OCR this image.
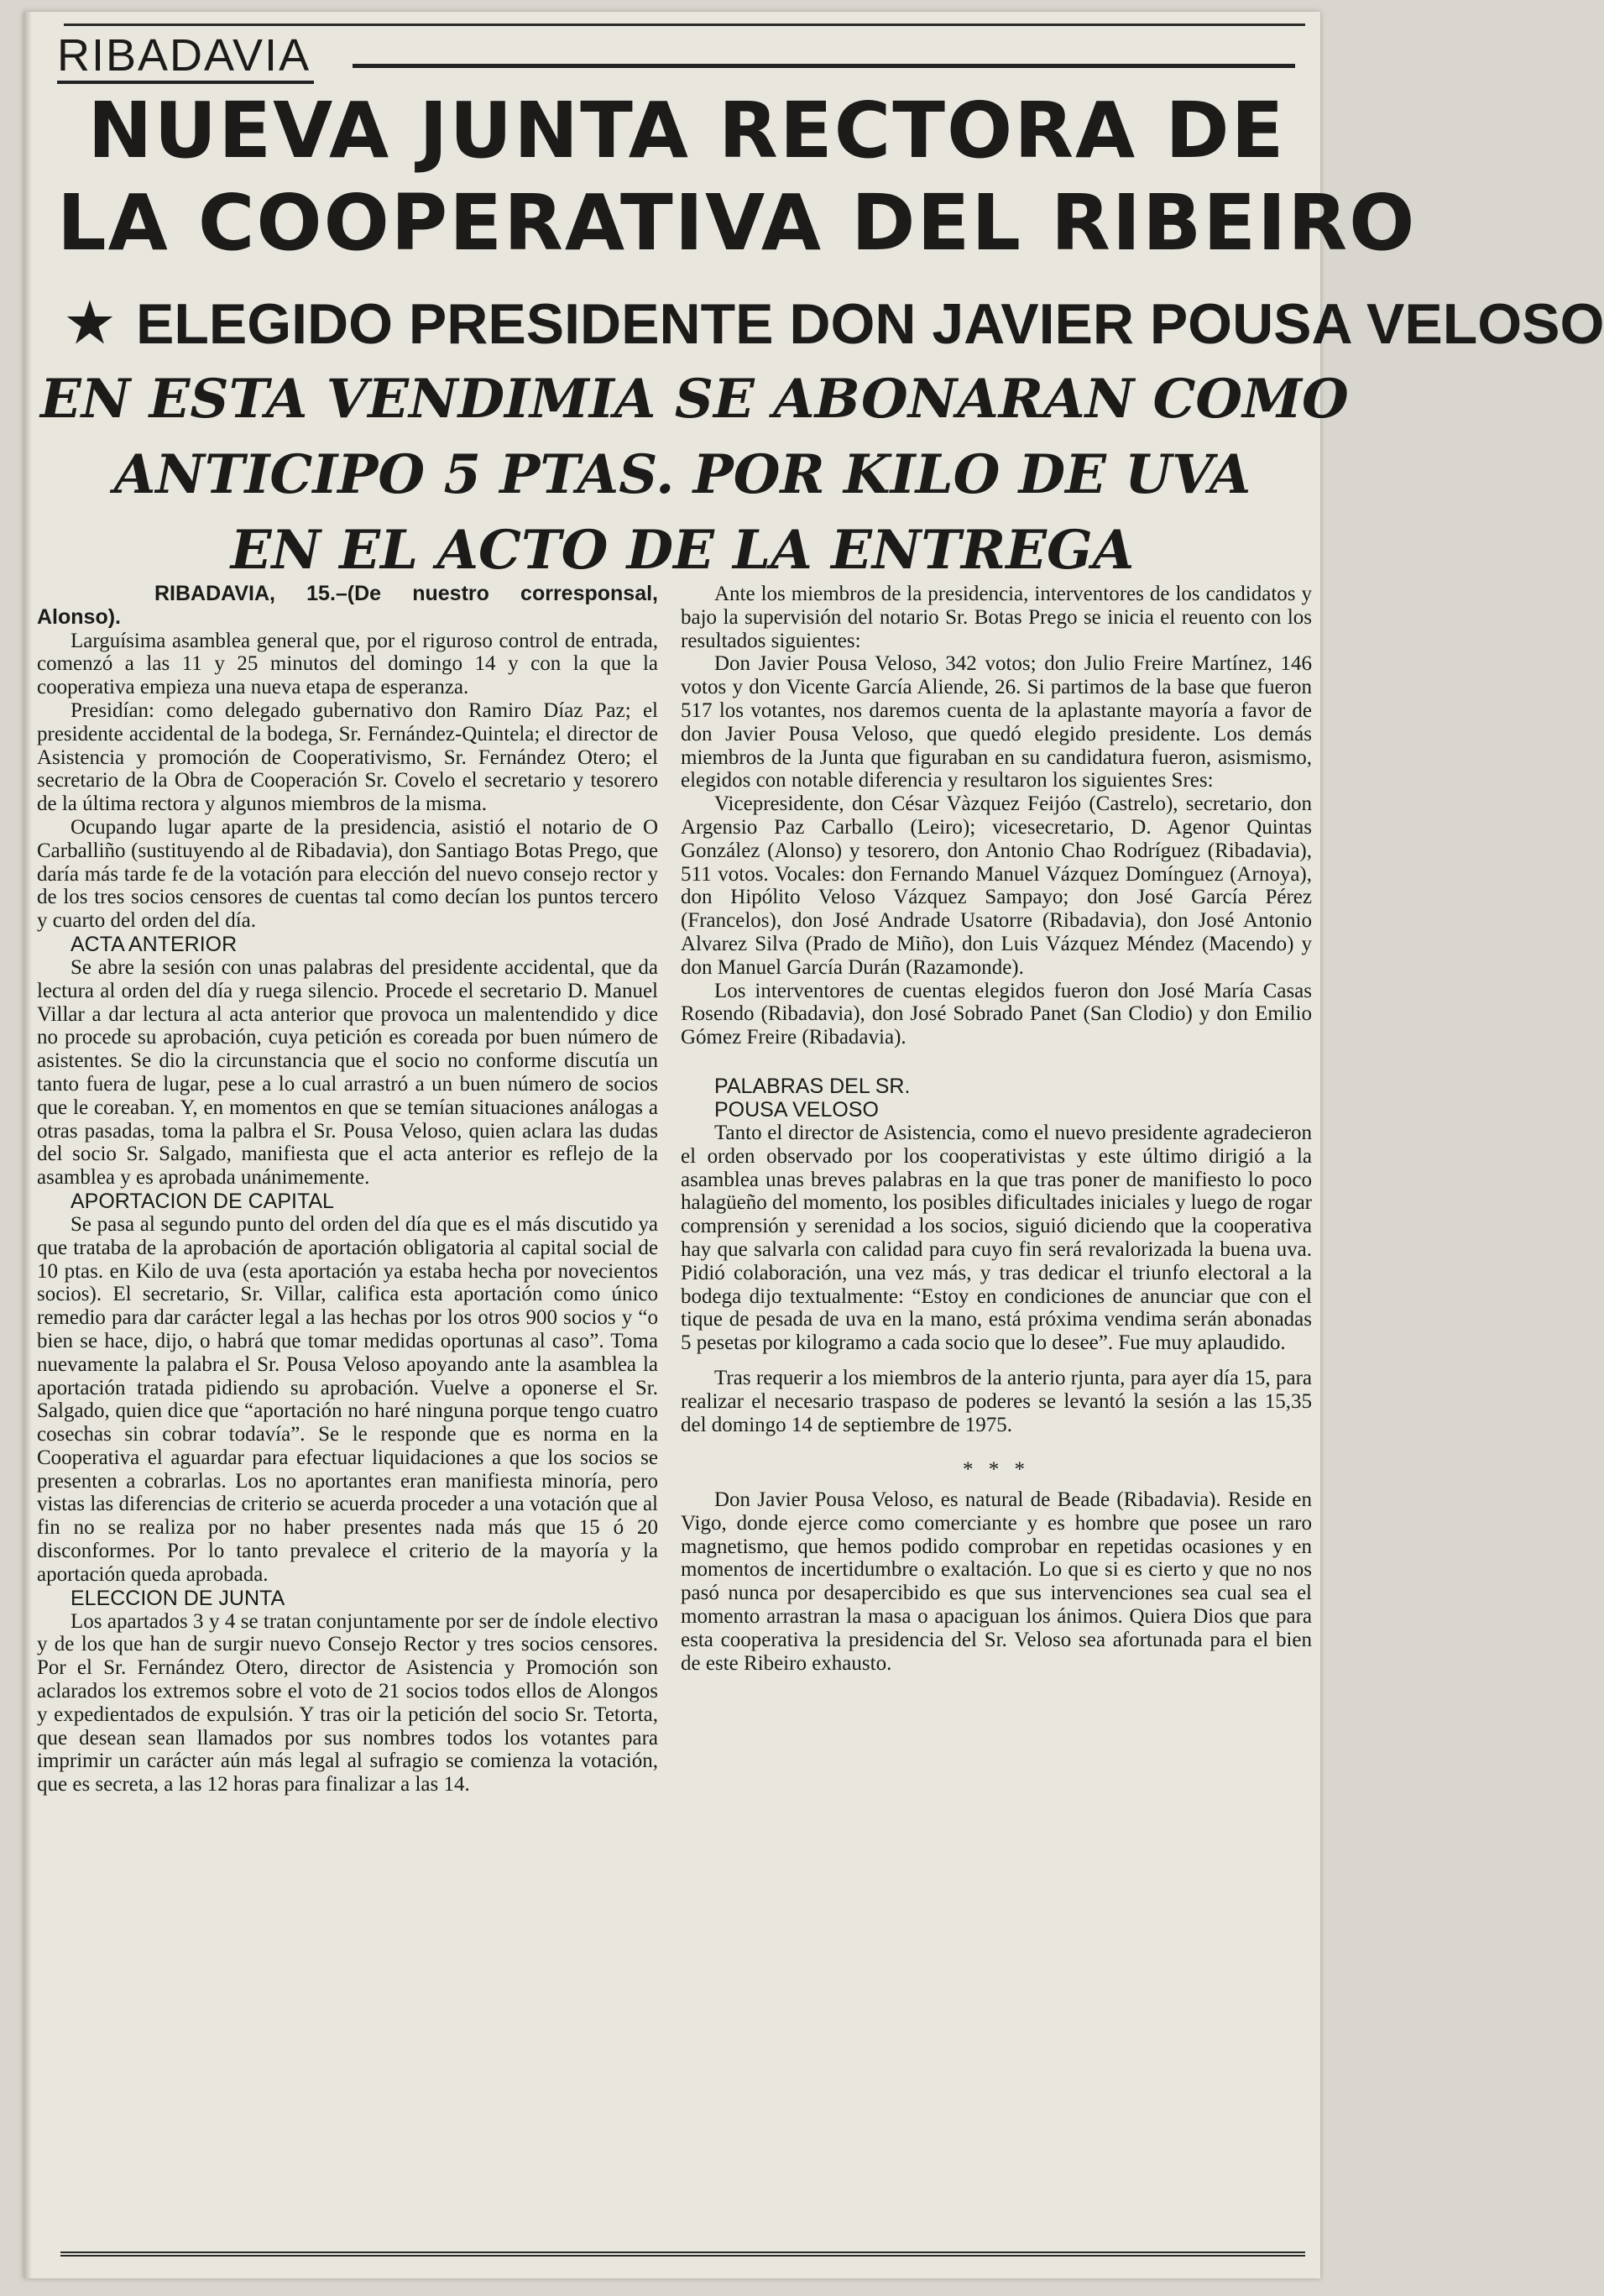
RIBADAVIA
NUEVA JUNTA RECTORA DE
LA COOPERATIVA DEL RIBEIRO
ELEGIDO PRESIDENTE DON JAVIER POUSA VELOSO
EN ESTA VENDIMIA SE ABONARAN COMO
ANTICIPO 5 PTAS. POR KILO DE UVA
EN EL ACTO DE LA ENTREGA

RIBADAVIA, 15.–(De nuestro corresponsal, Alonso).

Larguísima asamblea general que, por el riguroso control de entrada, comenzó a las 11 y 25 minutos del domingo 14 y con la que la cooperativa empieza una nueva etapa de esperanza.

Presidían: como delegado gubernativo don Ramiro Díaz Paz; el presidente accidental de la bodega, Sr. Fernández-Quintela; el director de Asistencia y promoción de Cooperativismo, Sr. Fernández Otero; el secretario de la Obra de Cooperación Sr. Covelo el secretario y tesorero de la última rectora y algunos miembros de la misma.

Ocupando lugar aparte de la presidencia, asistió el notario de O Carballiño (sustituyendo al de Ribadavia), don Santiago Botas Prego, que daría más tarde fe de la votación para elección del nuevo consejo rector y de los tres socios censores de cuentas tal como decían los puntos tercero y cuarto del orden del día.

ACTA ANTERIOR

Se abre la sesión con unas palabras del presidente accidental, que da lectura al orden del día y ruega silencio. Procede el secretario D. Manuel Villar a dar lectura al acta anterior que provoca un malentendido y dice no procede su aprobación, cuya petición es coreada por buen número de asistentes. Se dio la circunstancia que el socio no conforme discutía un tanto fuera de lugar, pese a lo cual arrastró a un buen número de socios que le coreaban. Y, en momentos en que se temían situaciones análogas a otras pasadas, toma la palbra el Sr. Pousa Veloso, quien aclara las dudas del socio Sr. Salgado, manifiesta que el acta anterior es reflejo de la asamblea y es aprobada unánimemente.

APORTACION DE CAPITAL

Se pasa al segundo punto del orden del día que es el más discutido ya que trataba de la aprobación de aportación obligatoria al capital social de 10 ptas. en Kilo de uva (esta aportación ya estaba hecha por novecientos socios). El secretario, Sr. Villar, califica esta aportación como único remedio para dar carácter legal a las hechas por los otros 900 socios y “o bien se hace, dijo, o habrá que tomar medidas oportunas al caso”. Toma nuevamente la palabra el Sr. Pousa Veloso apoyando ante la asamblea la aportación tratada pidiendo su aprobación. Vuelve a oponerse el Sr. Salgado, quien dice que “aportación no haré ninguna porque tengo cuatro cosechas sin cobrar todavía”. Se le responde que es norma en la Cooperativa el aguardar para efectuar liquidaciones a que los socios se presenten a cobrarlas. Los no aportantes eran manifiesta minoría, pero vistas las diferencias de criterio se acuerda proceder a una votación que al fin no se realiza por no haber presentes nada más que 15 ó 20 disconformes. Por lo tanto prevalece el criterio de la mayoría y la aportación queda aprobada.

ELECCION DE JUNTA

Los apartados 3 y 4 se tratan conjuntamente por ser de índole electivo y de los que han de surgir nuevo Consejo Rector y tres socios censores. Por el Sr. Fernández Otero, director de Asistencia y Promoción son aclarados los extremos sobre el voto de 21 socios todos ellos de Alongos y expedientados de expulsión. Y tras oir la petición del socio Sr. Tetorta, que desean sean llamados por sus nombres todos los votantes para imprimir un carácter aún más legal al sufragio se comienza la votación, que es secreta, a las 12 horas para finalizar a las 14.

Ante los miembros de la presidencia, interventores de los candidatos y bajo la supervisión del notario Sr. Botas Prego se inicia el reuento con los resultados siguientes:

Don Javier Pousa Veloso, 342 votos; don Julio Freire Martínez, 146 votos y don Vicente García Aliende, 26. Si partimos de la base que fueron 517 los votantes, nos daremos cuenta de la aplastante mayoría a favor de don Javier Pousa Veloso, que quedó elegido presidente. Los demás miembros de la Junta que figuraban en su candidatura fueron, asismismo, elegidos con notable diferencia y resultaron los siguientes Sres:

Vicepresidente, don César Vàzquez Feijóo (Castrelo), secretario, don Argensio Paz Carballo (Leiro); vicesecretario, D. Agenor Quintas González (Alonso) y tesorero, don Antonio Chao Rodríguez (Ribadavia), 511 votos. Vocales: don Fernando Manuel Vázquez Domínguez (Arnoya), don Hipólito Veloso Vázquez Sampayo; don José García Pérez (Francelos), don José Andrade Usatorre (Ribadavia), don José Antonio Alvarez Silva (Prado de Miño), don Luis Vázquez Méndez (Macendo) y don Manuel García Durán (Razamonde).

Los interventores de cuentas elegidos fueron don José María Casas Rosendo (Ribadavia), don José Sobrado Panet (San Clodio) y don Emilio Gómez Freire (Ribadavia).

PALABRAS DEL SR.

POUSA VELOSO

Tanto el director de Asistencia, como el nuevo presidente agradecieron el orden observado por los cooperativistas y este último dirigió a la asamblea unas breves palabras en la que tras poner de manifiesto lo poco halagüeño del momento, los posibles dificultades iniciales y luego de rogar comprensión y serenidad a los socios, siguió diciendo que la cooperativa hay que salvarla con calidad para cuyo fin será revalorizada la buena uva. Pidió colaboración, una vez más, y tras dedicar el triunfo electoral a la bodega dijo textualmente: “Estoy en condiciones de anunciar que con el tique de pesada de uva en la mano, está próxima vendima serán abonadas 5 pesetas por kilogramo a cada socio que lo desee”. Fue muy aplaudido.

Tras requerir a los miembros de la anterio rjunta, para ayer día 15, para realizar el necesario traspaso de poderes se levantó la sesión a las 15,35 del domingo 14 de septiembre de 1975.

* * *

Don Javier Pousa Veloso, es natural de Beade (Ribadavia). Reside en Vigo, donde ejerce como comerciante y es hombre que posee un raro magnetismo, que hemos podido comprobar en repetidas ocasiones y en momentos de incertidumbre o exaltación. Lo que si es cierto y que no nos pasó nunca por desapercibido es que sus intervenciones sea cual sea el momento arrastran la masa o apaciguan los ánimos. Quiera Dios que para esta cooperativa la presidencia del Sr. Veloso sea afortunada para el bien de este Ribeiro exhausto.
